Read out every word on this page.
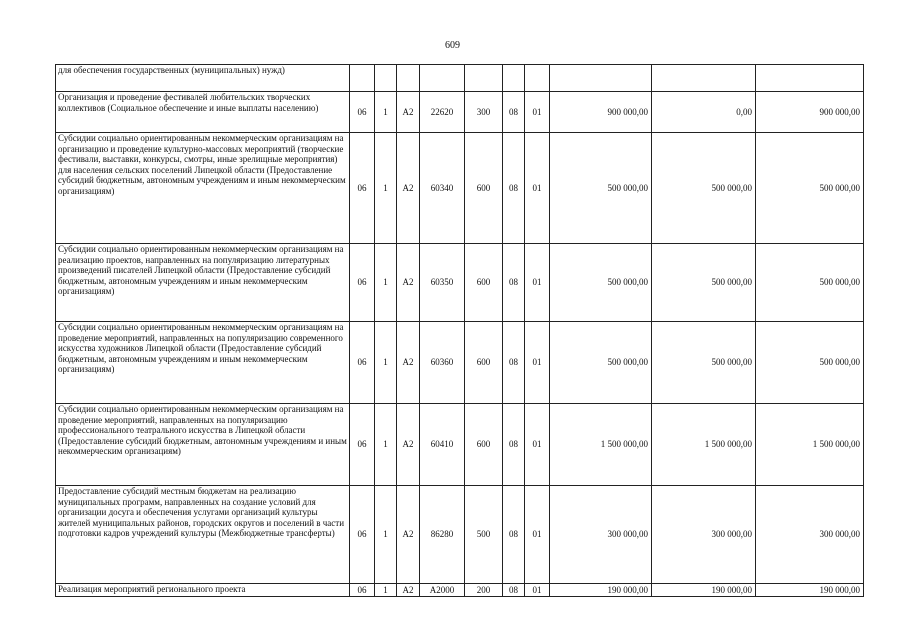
609
для обеспечения государственных (муниципальных) нужд)										
Организация и проведение фестивалей любительских творческих коллективов (Социальное обеспечение и иные выплаты населению)	06	1	A2	22620	300	08	01	900 000,00	0,00	900 000,00
Субсидии социально ориентированным некоммерческим организациям на организацию и проведение культурно-массовых мероприятий (творческие фестивали, выставки, конкурсы, смотры, иные зрелищные мероприятия) для населения сельских поселений Липецкой области (Предоставление субсидий бюджетным, автономным учреждениям и иным некоммерческим организациям)	06	1	A2	60340	600	08	01	500 000,00	500 000,00	500 000,00
Субсидии социально ориентированным некоммерческим организациям на реализацию проектов, направленных на популяризацию литературных произведений писателей Липецкой области (Предоставление субсидий бюджетным, автономным учреждениям и иным некоммерческим организациям)	06	1	A2	60350	600	08	01	500 000,00	500 000,00	500 000,00
Субсидии социально ориентированным некоммерческим организациям на проведение мероприятий, направленных на популяризацию современного искусства художников Липецкой области (Предоставление субсидий бюджетным, автономным учреждениям и иным некоммерческим организациям)	06	1	A2	60360	600	08	01	500 000,00	500 000,00	500 000,00
Субсидии социально ориентированным некоммерческим организациям на проведение мероприятий, направленных на популяризацию профессионального театрального искусства в Липецкой области (Предоставление субсидий бюджетным, автономным учреждениям и иным некоммерческим организациям)	06	1	A2	60410	600	08	01	1 500 000,00	1 500 000,00	1 500 000,00
Предоставление субсидий местным бюджетам на реализацию муниципальных программ, направленных на создание условий для организации досуга и обеспечения услугами организаций культуры жителей муниципальных районов, городских округов и поселений в части подготовки кадров учреждений культуры (Межбюджетные трансферты)	06	1	A2	86280	500	08	01	300 000,00	300 000,00	300 000,00
Реализация мероприятий регионального проекта	06	1	A2	A2000	200	08	01	190 000,00	190 000,00	190 000,00
